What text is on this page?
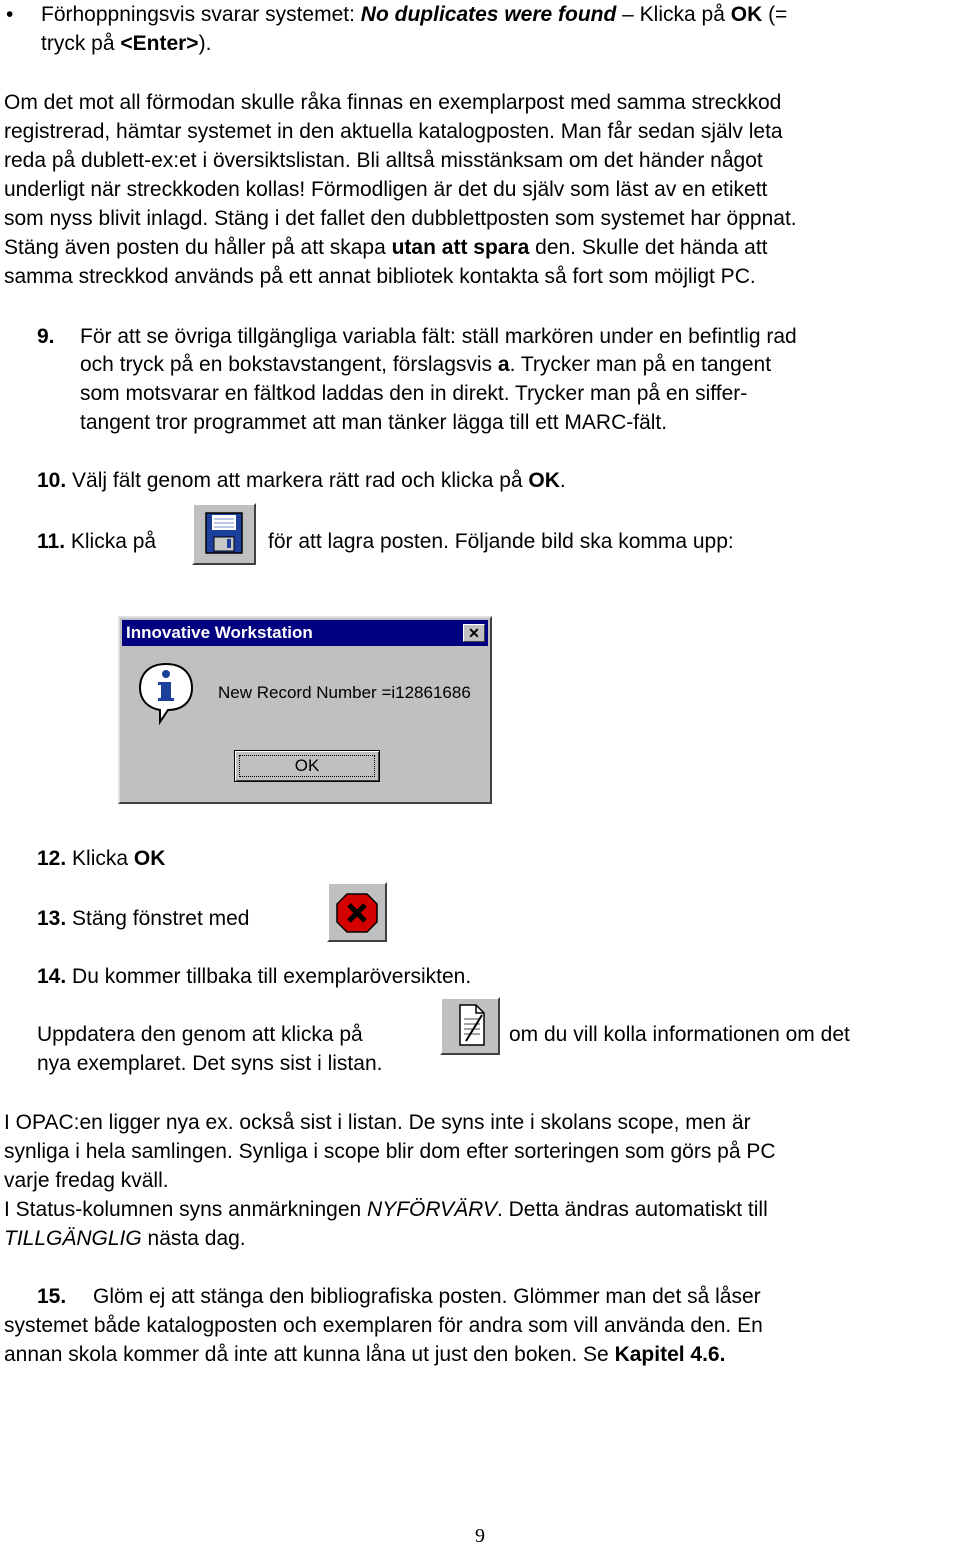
• Förhoppningsvis svarar systemet: No duplicates were found – Klicka på OK (=
tryck på <Enter>).
Om det mot all förmodan skulle råka finnas en exemplarpost med samma streckkod
registrerad, hämtar systemet in den aktuella katalogposten. Man får sedan själv leta
reda på dublett-ex:et i översiktslistan. Bli alltså misstänksam om det händer något
underligt när streckkoden kollas! Förmodligen är det du själv som läst av en etikett
som nyss blivit inlagd. Stäng i det fallet den dubblettposten som systemet har öppnat.
Stäng även posten du håller på att skapa utan att spara den. Skulle det hända att
samma streckkod används på ett annat bibliotek kontakta så fort som möjligt PC.
9. För att se övriga tillgängliga variabla fält: ställ markören under en befintlig rad
och tryck på en bokstavstangent, förslagsvis a. Trycker man på en tangent
som motsvarar en fältkod laddas den in direkt. Trycker man på en siffer-
tangent tror programmet att man tänker lägga till ett MARC-fält.
10. Välj fält genom att markera rätt rad och klicka på OK.
11. Klicka på	för att lagra posten. Följande bild ska komma upp:
Innovative Workstation	✕
New Record Number =i12861686
OK
12. Klicka OK
13. Stäng fönstret med
14. Du kommer tillbaka till exemplaröversikten.
Uppdatera den genom att klicka på	om du vill kolla informationen om det
nya exemplaret. Det syns sist i listan.
I OPAC:en ligger nya ex. också sist i listan. De syns inte i skolans scope, men är
synliga i hela samlingen. Synliga i scope blir dom efter sorteringen som görs på PC
varje fredag kväll.
I Status-kolumnen syns anmärkningen NYFÖRVÄRV. Detta ändras automatiskt till
TILLGÄNGLIG nästa dag.
15. Glöm ej att stänga den bibliografiska posten. Glömmer man det så låser
systemet både katalogposten och exemplaren för andra som vill använda den. En
annan skola kommer då inte att kunna låna ut just den boken. Se Kapitel 4.6.
9
